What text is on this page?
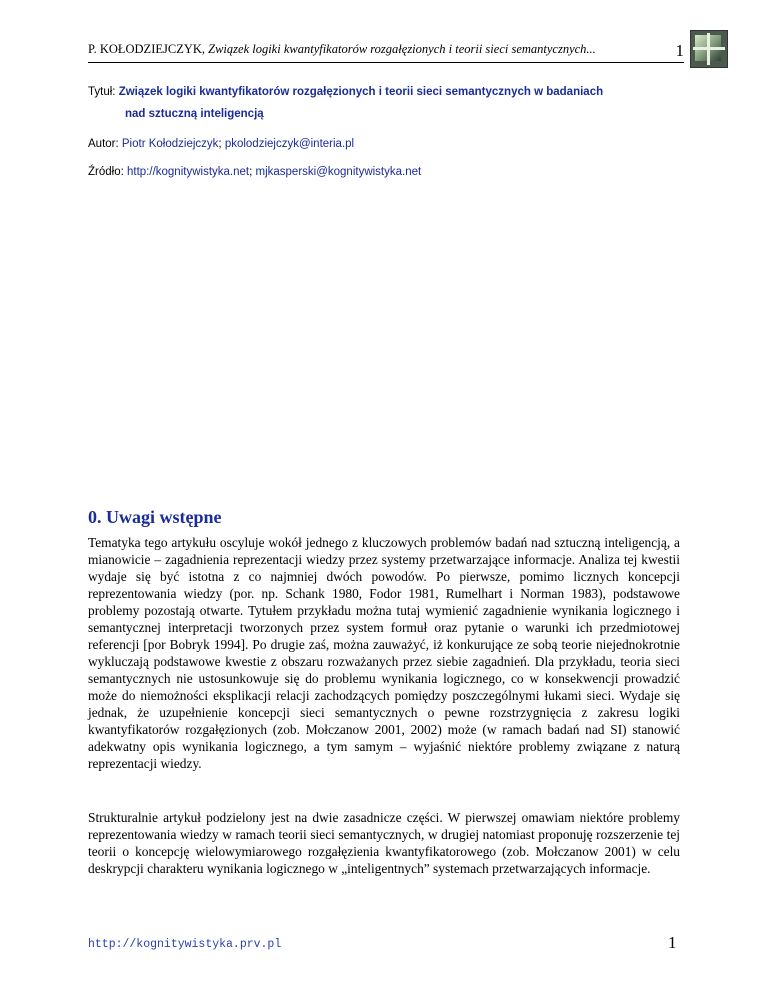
P. KOŁODZIEJCZYK, Związek logiki kwantyfikatorów rozgałęzionych i teorii sieci semantycznych...	1
Tytuł: Związek logiki kwantyfikatorów rozgałęzionych i teorii sieci semantycznych w badaniach
nad sztuczną inteligencją
Autor: Piotr Kołodziejczyk; pkolodziejczyk@interia.pl
Źródło: http://kognitywistyka.net; mjkasperski@kognitywistyka.net
0. Uwagi wstępne

Tematyka tego artykułu oscyluje wokół jednego z kluczowych problemów badań nad sztuczną inteligencją, a mianowicie – zagadnienia reprezentacji wiedzy przez systemy przetwarzające informacje. Analiza tej kwestii wydaje się być istotna z co najmniej dwóch powodów. Po pierwsze, pomimo licznych koncepcji reprezentowania wiedzy (por. np. Schank 1980, Fodor 1981, Rumelhart i Norman 1983), podstawowe problemy pozostają otwarte. Tytułem przykładu można tutaj wymienić zagadnienie wynikania logicznego i semantycznej interpretacji tworzonych przez system formuł oraz pytanie o warunki ich przedmiotowej referencji [por Bobryk 1994]. Po drugie zaś, można zauważyć, iż konkurujące ze sobą teorie niejednokrotnie wykluczają podstawowe kwestie z obszaru rozważanych przez siebie zagadnień. Dla przykładu, teoria sieci semantycznych nie ustosunkowuje się do problemu wynikania logicznego, co w konsekwencji prowadzić może do niemożności eksplikacji relacji zachodzących pomiędzy poszczególnymi łukami sieci. Wydaje się jednak, że uzupełnienie koncepcji sieci semantycznych o pewne rozstrzygnięcia z zakresu logiki kwantyfikatorów rozgałęzionych (zob. Mołczanow 2001, 2002) może (w ramach badań nad SI) stanowić adekwatny opis wynikania logicznego, a tym samym – wyjaśnić niektóre problemy związane z naturą reprezentacji wiedzy.

Strukturalnie artykuł podzielony jest na dwie zasadnicze części. W pierwszej omawiam niektóre problemy reprezentowania wiedzy w ramach teorii sieci semantycznych, w drugiej natomiast proponuję rozszerzenie tej teorii o koncepcję wielowymiarowego rozgałęzienia kwantyfikatorowego (zob. Mołczanow 2001) w celu deskrypcji charakteru wynikania logicznego w „inteligentnych” systemach przetwarzających informacje.

http://kognitywistyka.prv.pl	1
